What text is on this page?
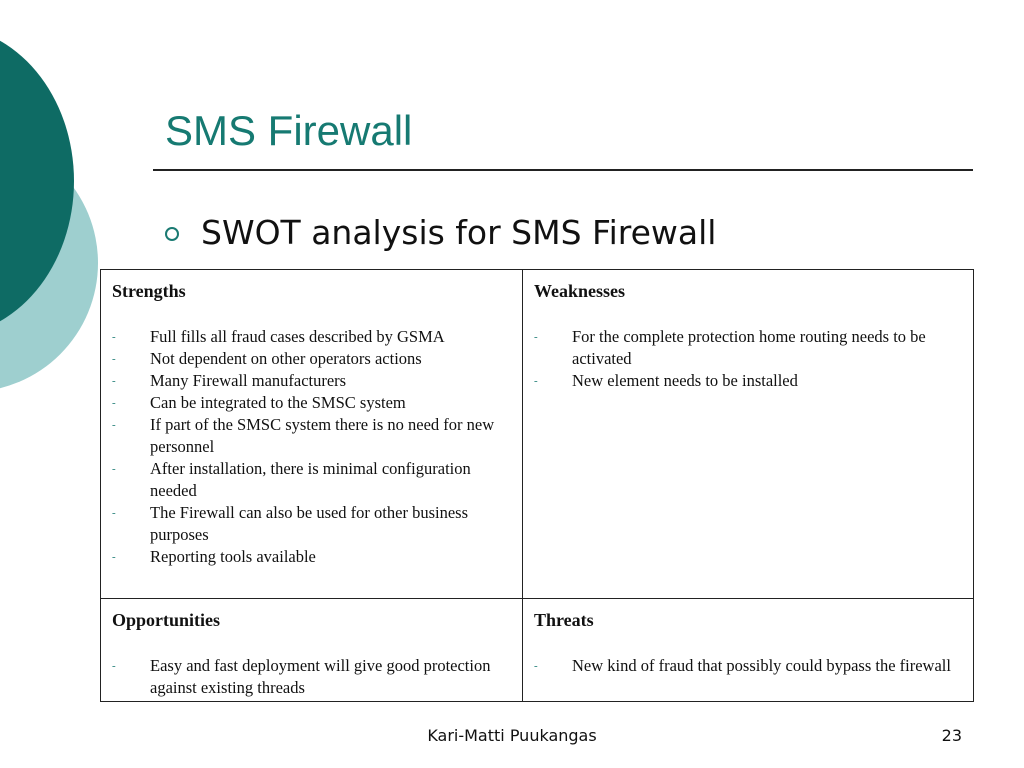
SMS Firewall
SWOT analysis for SMS Firewall
Strengths
- Full fills all fraud cases described by GSMA
- Not dependent on other operators actions
- Many Firewall manufacturers
- Can be integrated to the SMSC system
- If part of the SMSC system there is no need for new personnel
- After installation, there is minimal configuration needed
- The Firewall can also be used for other business purposes
- Reporting tools available
Weaknesses
- For the complete protection home routing needs to be activated
- New element needs to be installed
Opportunities
- Easy and fast deployment will give good protection against existing threads
Threats
- New kind of fraud that possibly could bypass the firewall
Kari-Matti Puukangas	23
